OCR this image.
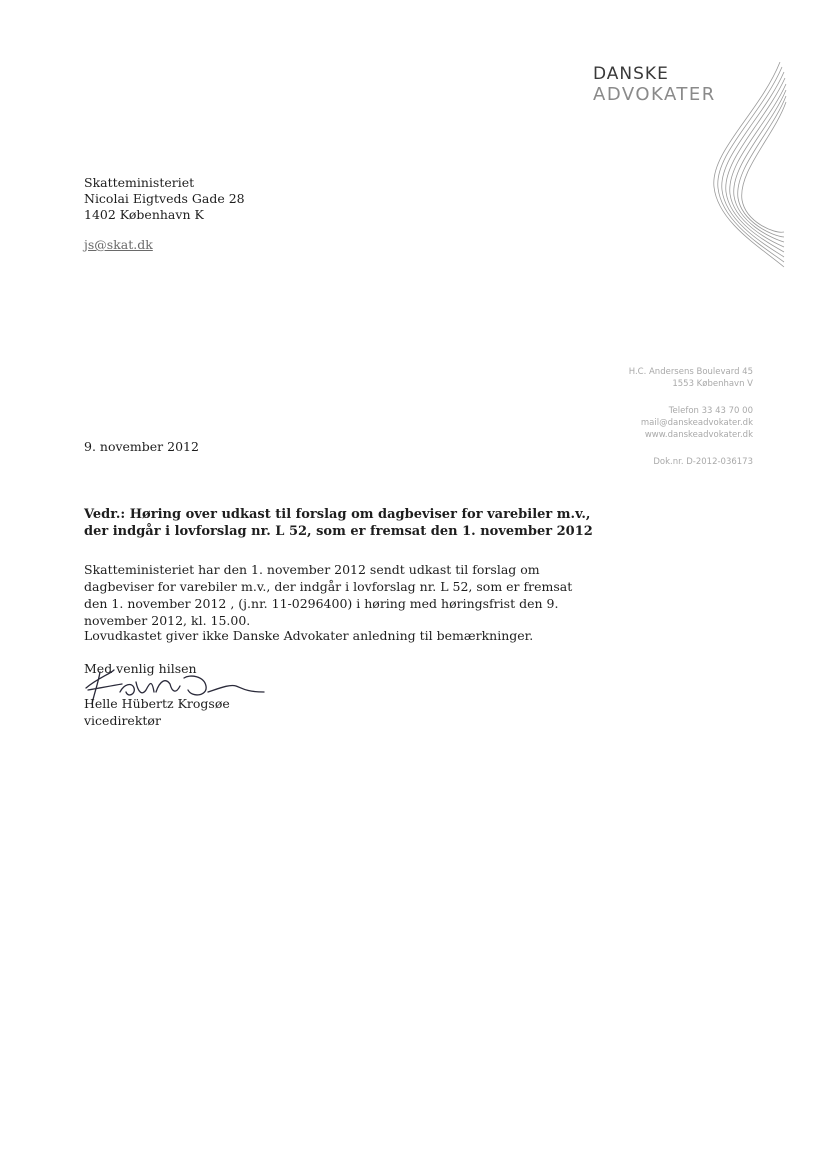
DANSKE
ADVOKATER
Skatteministeriet
Nicolai Eigtveds Gade 28
1402 København K
js@skat.dk
H.C. Andersens Boulevard 45
1553 København V
Telefon 33 43 70 00
mail@danskeadvokater.dk
www.danskeadvokater.dk
Dok.nr. D-2012-036173
9. november 2012
Vedr.: Høring over udkast til forslag om dagbeviser for varebiler m.v.,
der indgår i lovforslag nr. L 52, som er fremsat den 1. november 2012
Skatteministeriet har den 1. november 2012 sendt udkast til forslag om dagbeviser for varebiler m.v., der indgår i lovforslag nr. L 52, som er fremsat den 1. november 2012 , (j.nr. 11-0296400) i høring med høringsfrist den 9. november 2012, kl. 15.00.
Lovudkastet giver ikke Danske Advokater anledning til bemærkninger.
Med venlig hilsen
Helle Hübertz Krogsøe
vicedirektør
